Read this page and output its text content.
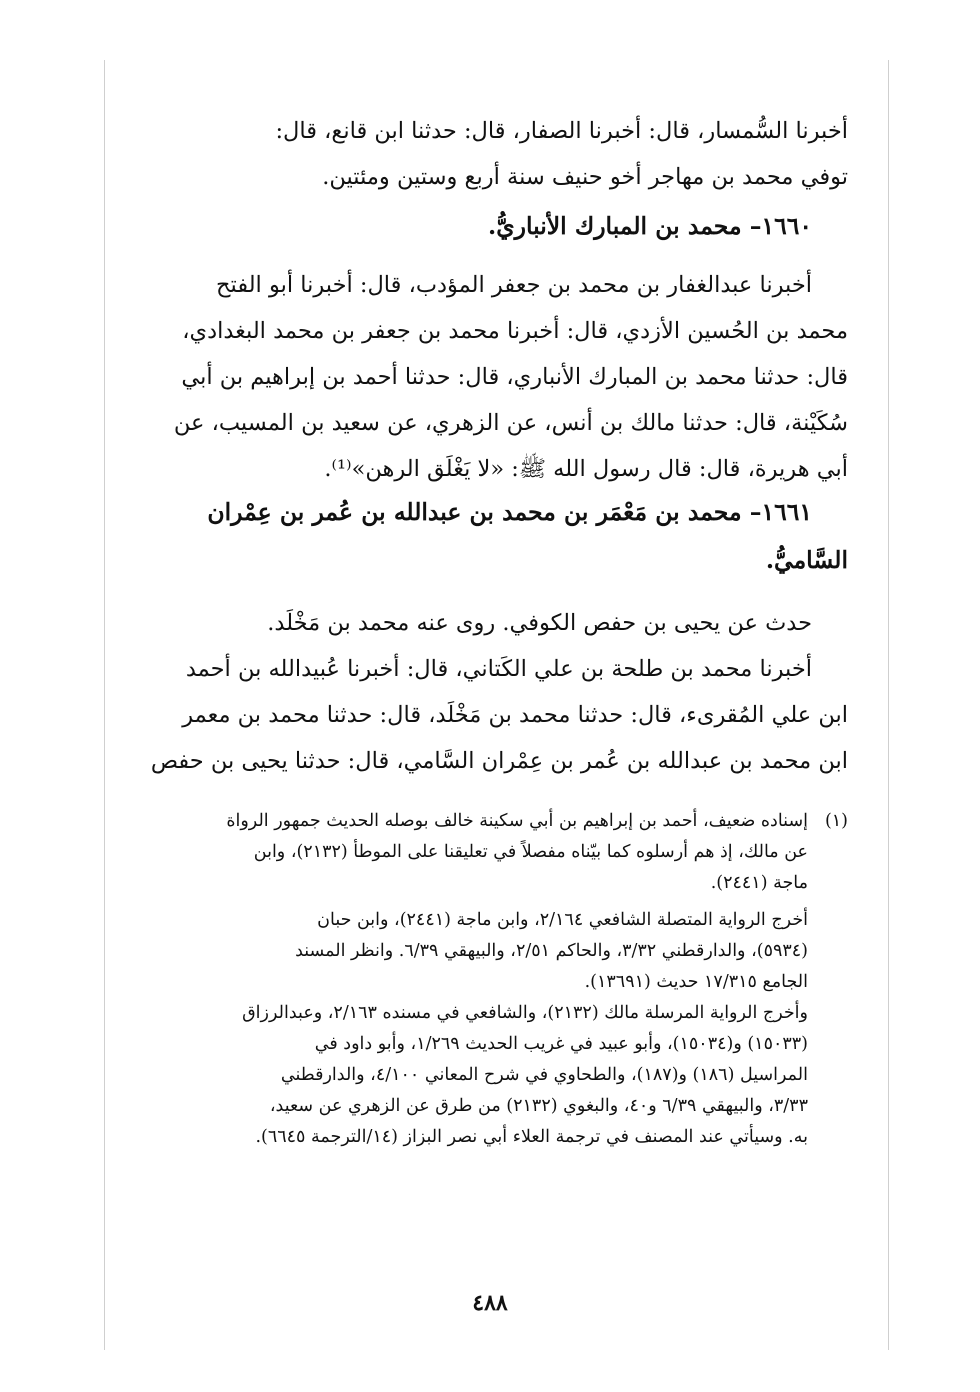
أخبرنا السُّمسار، قال: أخبرنا الصفار، قال: حدثنا ابن قانع، قال:
توفي محمد بن مهاجر أخو حنيف سنة أربع وستين ومئتين.
١٦٦٠– محمد بن المبارك الأنباريُّ.
أخبرنا عبدالغفار بن محمد بن جعفر المؤدب، قال: أخبرنا أبو الفتح
محمد بن الحُسين الأزدي، قال: أخبرنا محمد بن جعفر بن محمد البغدادي،
قال: حدثنا محمد بن المبارك الأنباري، قال: حدثنا أحمد بن إبراهيم بن أبي
سُكَيْنة، قال: حدثنا مالك بن أنس، عن الزهري، عن سعيد بن المسيب، عن
أبي هريرة، قال: قال رسول الله ﷺ: «لا يَغْلَق الرهن»⁽¹⁾.
١٦٦١– محمد بن مَعْمَر بن محمد بن عبدالله بن عُمر بن عِمْران
السَّاميُّ.
حدث عن يحيى بن حفص الكوفي. روى عنه محمد بن مَخْلَد.
أخبرنا محمد بن طلحة بن علي الكَتاني، قال: أخبرنا عُبيدالله بن أحمد
ابن علي المُقرىء، قال: حدثنا محمد بن مَخْلَد، قال: حدثنا محمد بن معمر
ابن محمد بن عبدالله بن عُمر بن عِمْران السَّامي، قال: حدثنا يحيى بن حفص
(١)إسناده ضعيف، أحمد بن إبراهيم بن أبي سكينة خالف بوصله الحديث جمهور الرواة
عن مالك، إذ هم أرسلوه كما بيّناه مفصلاً في تعليقنا على الموطأ (٢١٣٢)، وابن
ماجة (٢٤٤١).
أخرج الرواية المتصلة الشافعي ٢/١٦٤، وابن ماجة (٢٤٤١)، وابن حبان
(٥٩٣٤)، والدارقطني ٣/٣٢، والحاكم ٢/٥١، والبيهقي ٦/٣٩. وانظر المسند
الجامع ١٧/٣١٥ حديث (١٣٦٩١).
وأخرج الرواية المرسلة مالك (٢١٣٢)، والشافعي في مسنده ٢/١٦٣، وعبدالرزاق
(١٥٠٣٣) و(١٥٠٣٤)، وأبو عبيد في غريب الحديث ١/٢٦٩، وأبو داود في
المراسيل (١٨٦) و(١٨٧)، والطحاوي في شرح المعاني ٤/١٠٠، والدارقطني
٣/٣٣، والبيهقي ٦/٣٩ و٤٠، والبغوي (٢١٣٢) من طرق عن الزهري عن سعيد،
به. وسيأتي عند المصنف في ترجمة العلاء أبي نصر البزاز (١٤/الترجمة ٦٦٤٥).
٤٨٨
